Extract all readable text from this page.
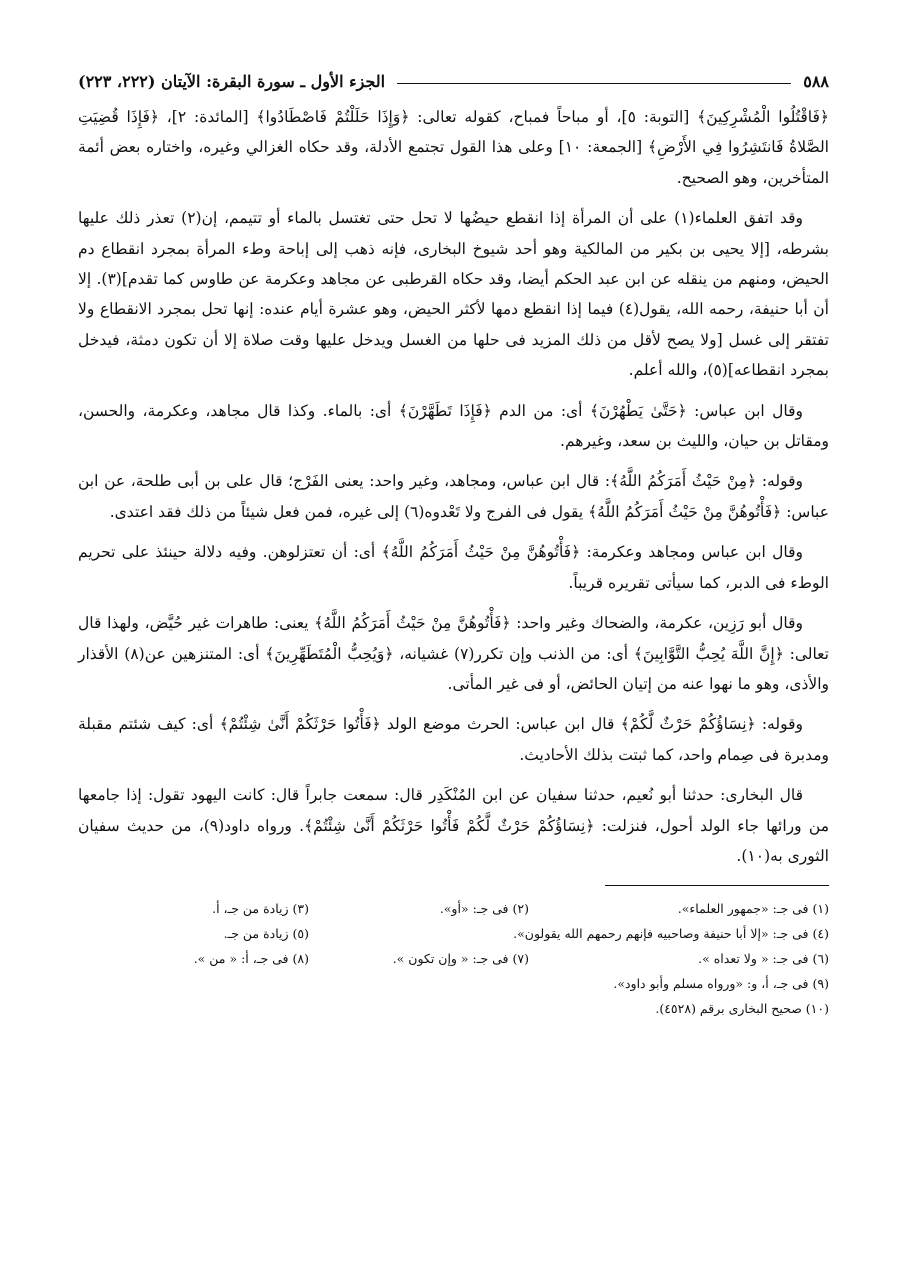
٥٨٨
الجزء الأول ـ سورة البقرة: الآيتان (٢٢٢، ٢٢٣)

﴿فَاقْتُلُوا الْمُشْرِكِينَ﴾ [التوبة: ٥]، أو مباحاً فمباح، كقوله تعالى: ﴿وَإِذَا حَلَلْتُمْ فَاصْطَادُوا﴾ [المائدة: ٢]، ﴿فَإِذَا قُضِيَتِ الصَّلاةُ فَانتَشِرُوا فِي الأَرْضِ﴾ [الجمعة: ١٠] وعلى هذا القول تجتمع الأدلة، وقد حكاه الغزالي وغيره، واختاره بعض أئمة المتأخرين، وهو الصحيح.

وقد اتفق العلماء(١) على أن المرأة إذا انقطع حيضُها لا تحل حتى تغتسل بالماء أو تتيمم، إن(٢) تعذر ذلك عليها بشرطه، [إلا يحيى بن بكير من المالكية وهو أحد شيوخ البخارى، فإنه ذهب إلى إباحة وطء المرأة بمجرد انقطاع دم الحيض، ومنهم من ينقله عن ابن عبد الحكم أيضا، وقد حكاه القرطبى عن مجاهد وعكرمة عن طاوس كما تقدم](٣). إلا أن أبا حنيفة، رحمه الله، يقول(٤) فيما إذا انقطع دمها لأكثر الحيض، وهو عشرة أيام عنده: إنها تحل بمجرد الانقطاع ولا تفتقر إلى غسل [ولا يصح لأقل من ذلك المزيد فى حلها من الغسل ويدخل عليها وقت صلاة إلا أن تكون دمثة، فيدخل بمجرد انقطاعه](٥)، والله أعلم.

وقال ابن عباس: ﴿حَتَّىٰ يَطْهُرْنَ﴾ أى: من الدم ﴿فَإِذَا تَطَهَّرْنَ﴾ أى: بالماء. وكذا قال مجاهد، وعكرمة، والحسن، ومقاتل بن حيان، والليث بن سعد، وغيرهم.

وقوله: ﴿مِنْ حَيْثُ أَمَرَكُمُ اللَّهُ﴾: قال ابن عباس، ومجاهد، وغير واحد: يعنى الفَرْج؛ قال على بن أبى طلحة، عن ابن عباس: ﴿فَأْتُوهُنَّ مِنْ حَيْثُ أَمَرَكُمُ اللَّهُ﴾ يقول فى الفرج ولا تَعْدوه(٦) إلى غيره، فمن فعل شيئاً من ذلك فقد اعتدى.

وقال ابن عباس ومجاهد وعكرمة: ﴿فَأْتُوهُنَّ مِنْ حَيْثُ أَمَرَكُمُ اللَّهُ﴾ أى: أن تعتزلوهن. وفيه دلالة حينئذ على تحريم الوطء فى الدبر، كما سيأتى تقريره قريباً.

وقال أبو رَزِين، عكرمة، والضحاك وغير واحد: ﴿فَأْتُوهُنَّ مِنْ حَيْثُ أَمَرَكُمُ اللَّهُ﴾ يعنى: طاهرات غير حُيَّض، ولهذا قال تعالى: ﴿إِنَّ اللَّهَ يُحِبُّ التَّوَّابِينَ﴾ أى: من الذنب وإن تكرر(٧) غشيانه، ﴿وَيُحِبُّ الْمُتَطَهِّرِينَ﴾ أى: المتنزهين عن(٨) الأقذار والأذى، وهو ما نهوا عنه من إتيان الحائض، أو فى غير المأتى.

وقوله: ﴿نِسَاؤُكُمْ حَرْثٌ لَّكُمْ﴾ قال ابن عباس: الحرث موضع الولد ﴿فَأْتُوا حَرْثَكُمْ أَنَّىٰ شِئْتُمْ﴾ أى: كيف شئتم مقبلة ومدبرة فى صِمام واحد، كما ثبتت بذلك الأحاديث.

قال البخارى: حدثنا أبو نُعيم، حدثنا سفيان عن ابن المُنْكَدِر قال: سمعت جابراً قال: كانت اليهود تقول: إذا جامعها من ورائها جاء الولد أحول، فنزلت: ﴿نِسَاؤُكُمْ حَرْثٌ لَّكُمْ فَأْتُوا حَرْثَكُمْ أَنَّىٰ شِئْتُمْ﴾. ورواه داود(٩)، من حديث سفيان الثورى به(١٠).

(١) فى جـ: «جمهور العلماء».
(٢) فى جـ: «أو».
(٣) زيادة من جـ، أ.
(٤) فى جـ: «إلا أبا حنيفة وصاحبيه فإنهم رحمهم الله يقولون».
(٥) زيادة من جـ.
(٦) فى جـ: « ولا تعداه ».
(٧) فى جـ: « وإن تكون ».
(٨) فى جـ، أ: « من ».
(٩) فى جـ، أ، و: «ورواه مسلم وأبو داود».
(١٠) صحيح البخارى برقم (٤٥٢٨).
